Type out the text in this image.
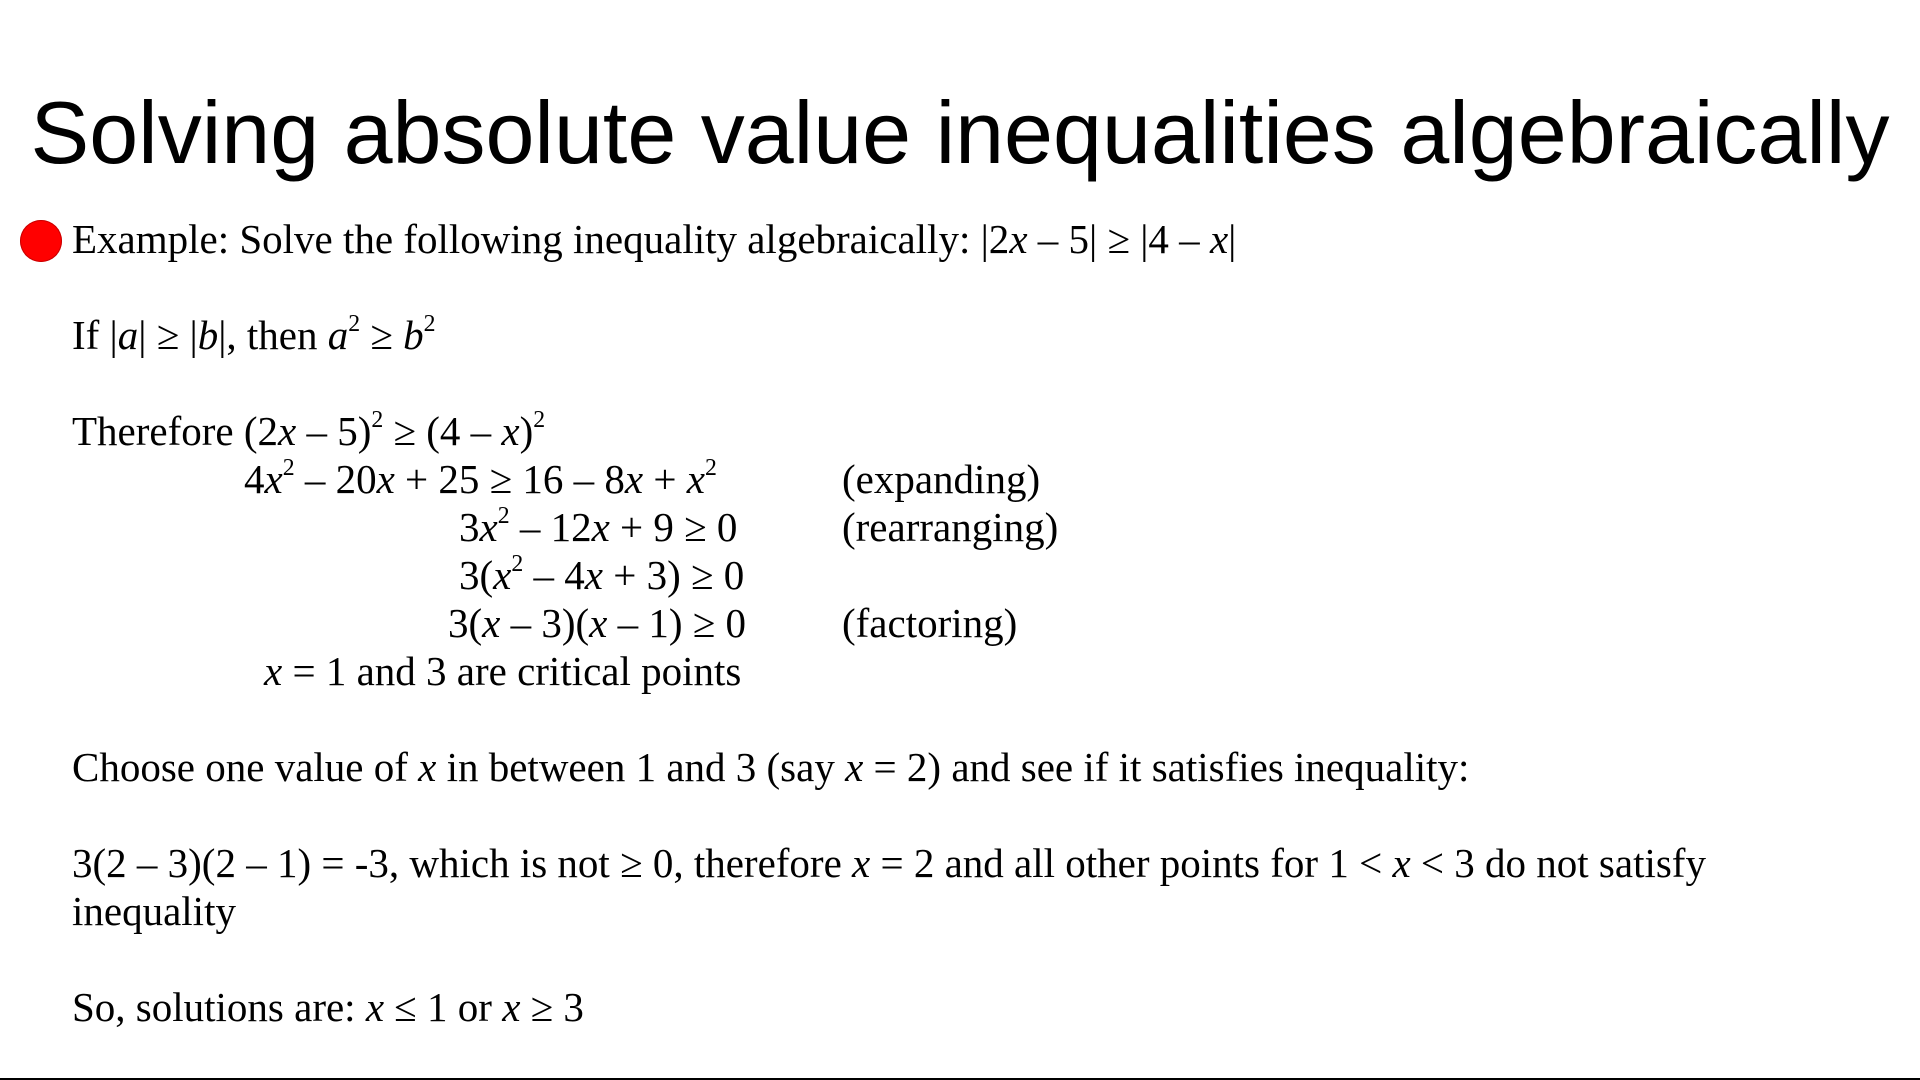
Solving absolute value inequalities algebraically
Example: Solve the following inequality algebraically: |2x – 5| ≥ |4 – x|
If |a| ≥ |b|, then $a^2 \ge b^2$
Therefore (2x – 5)$^2$ ≥ (4 – x)$^2$
$4x^2 - 20x + 25 \ge 16 - 8x + x^2$	(expanding)
$3x^2 - 12x + 9 \ge 0$	(rearranging)
$3(x^2 - 4x + 3) \ge 0$
3(x – 3)(x – 1) ≥ 0 (factoring)
x = 1 and 3 are critical points
Choose one value of x in between 1 and 3 (say x = 2) and see if it satisfies inequality:
3(2 – 3)(2 – 1) = -3, which is not ≥ 0, therefore x = 2 and all other points for 1 < x < 3 do not satisfy
inequality
So, solutions are: x ≤ 1 or x ≥ 3
